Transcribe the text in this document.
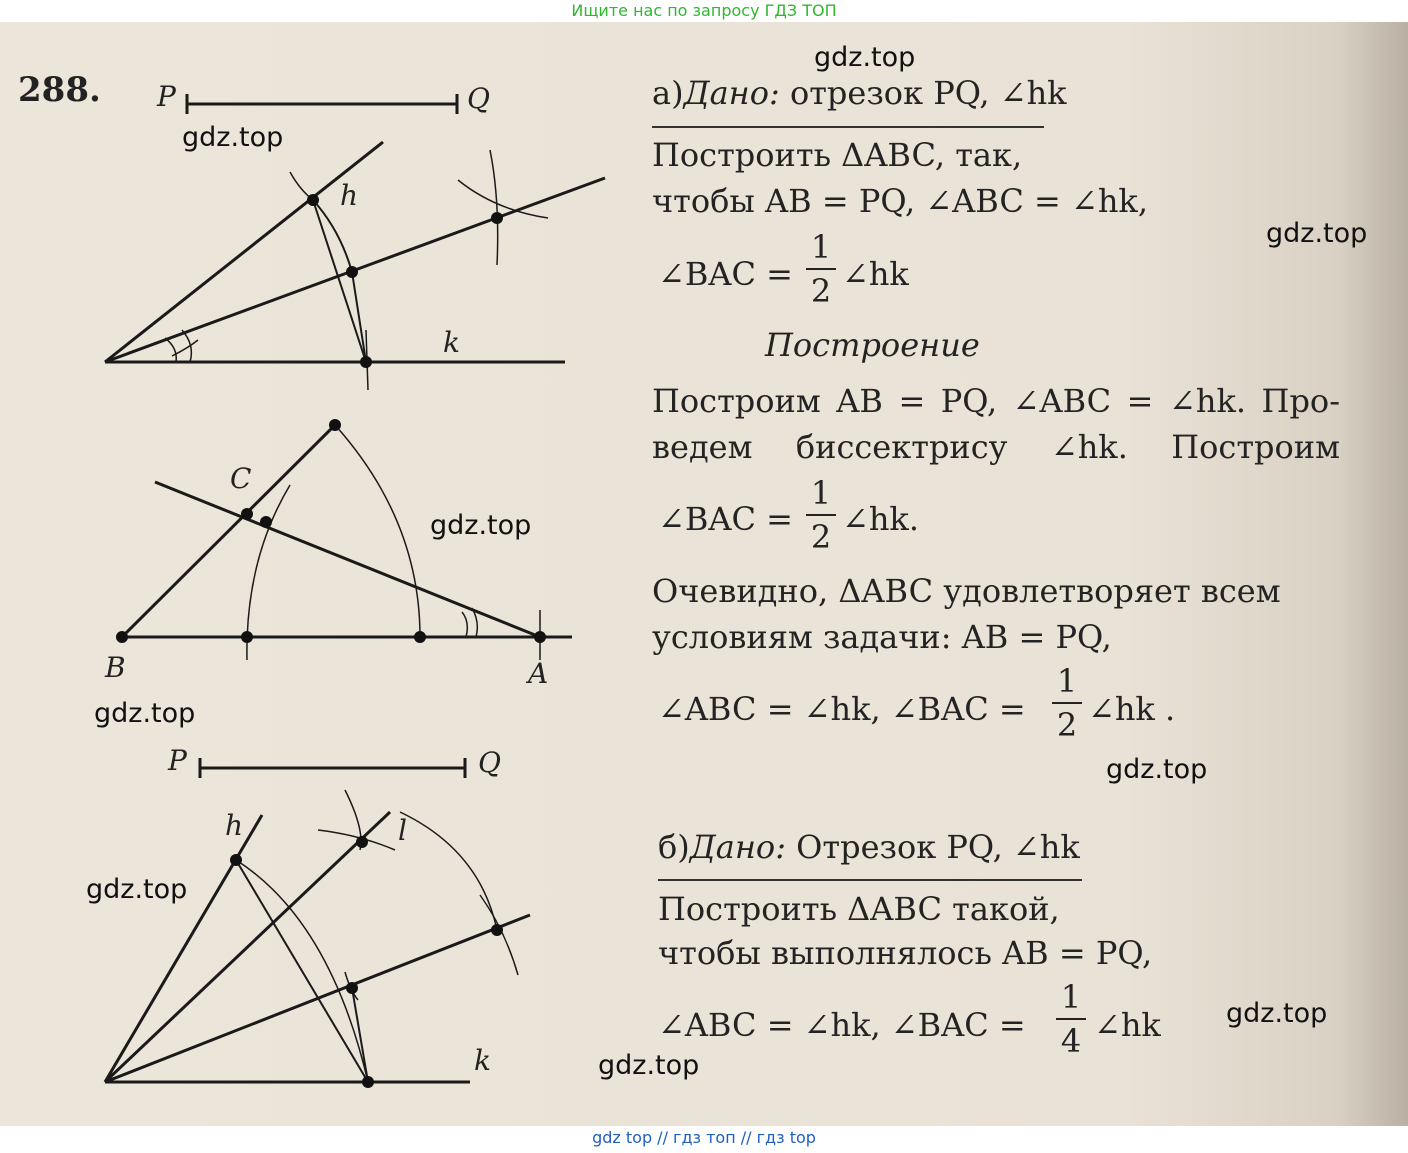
Ищите нас по запросу ГДЗ ТОП
288. P	Q
h
k
C
B	A
P	Q
h	l
k
а)Дано: отрезок PQ, ∠hk
Построить ΔABC, так,
чтобы AB = PQ, ∠ABC = ∠hk,
∠BAC =
1
2 ∠hk
Построение
Построим AB = PQ, ∠ABC = ∠hk. Про-
ведем биссектрису ∠hk. Построим
∠BAC =
1
2 ∠hk.
Очевидно, ΔABC удовлетворяет всем
условиям задачи: AB = PQ,
∠ABC = ∠hk, ∠BAC =
1
2 ∠hk .
б)Дано: Отрезок PQ, ∠hk
Построить ΔABC такой,
чтобы выполнялось AB = PQ,
∠ABC = ∠hk, ∠BAC =
1
4 ∠hk
gdz.top
gdz.top
gdz.top
gdz.top
gdz.top
gdz.top
gdz.top
gdz.top
gdz.top
gdz top // гдз топ // гдз top
